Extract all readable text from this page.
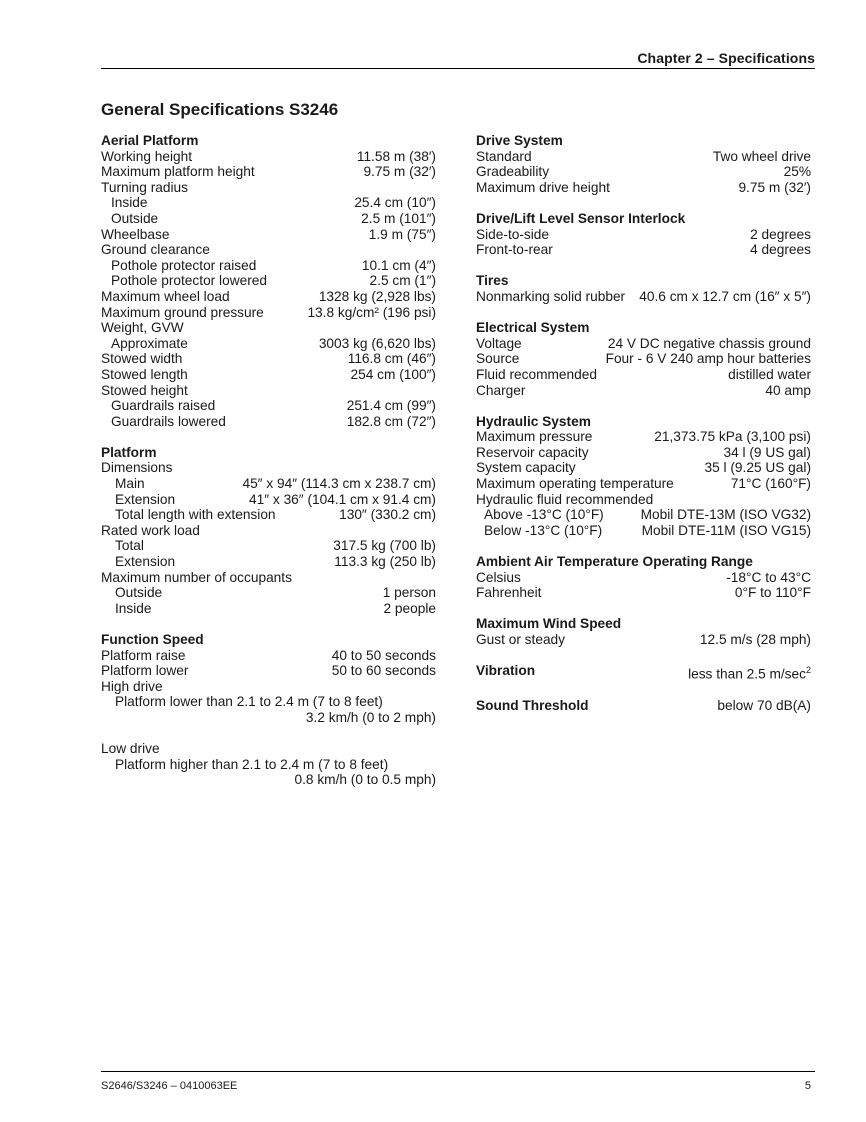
Chapter 2 – Specifications
General Specifications S3246
Aerial Platform
Working height	11.58 m (38′)
Maximum platform height	9.75 m (32′)
Turning radius
Inside	25.4 cm (10″)
Outside	2.5 m (101″)
Wheelbase	1.9 m (75″)
Ground clearance
Pothole protector raised	10.1 cm (4″)
Pothole protector lowered	2.5 cm (1″)
Maximum wheel load	1328 kg (2,928 lbs)
Maximum ground pressure	13.8 kg/cm² (196 psi)
Weight, GVW
Approximate	3003 kg (6,620 lbs)
Stowed width	116.8 cm (46″)
Stowed length	254 cm (100″)
Stowed height
Guardrails raised	251.4 cm (99″)
Guardrails lowered	182.8 cm (72″)
Platform
Dimensions
Main	45″ x 94″ (114.3 cm x 238.7 cm)
Extension	41″ x 36″ (104.1 cm x 91.4 cm)
Total length with extension	130″ (330.2 cm)
Rated work load
Total	317.5 kg (700 lb)
Extension	113.3 kg (250 lb)
Maximum number of occupants
Outside	1 person
Inside	2 people
Function Speed
Platform raise	40 to 50 seconds
Platform lower	50 to 60 seconds
High drive
Platform lower than 2.1 to 2.4 m (7 to 8 feet)
3.2 km/h (0 to 2 mph)
Low drive
Platform higher than 2.1 to 2.4 m (7 to 8 feet)
0.8 km/h (0 to 0.5 mph)
Drive System
Standard	Two wheel drive
Gradeability	25%
Maximum drive height	9.75 m (32′)
Drive/Lift Level Sensor Interlock
Side-to-side	2 degrees
Front-to-rear	4 degrees
Tires
Nonmarking solid rubber 40.6 cm x 12.7 cm (16″ x 5″)
Electrical System
Voltage	24 V DC negative chassis ground
Source	Four - 6 V 240 amp hour batteries
Fluid recommended	distilled water
Charger	40 amp
Hydraulic System
Maximum pressure	21,373.75 kPa (3,100 psi)
Reservoir capacity	34 l (9 US gal)
System capacity	35 l (9.25 US gal)
Maximum operating temperature	71°C (160°F)
Hydraulic fluid recommended
Above -13°C (10°F)	Mobil DTE-13M (ISO VG32)
Below -13°C (10°F)	Mobil DTE-11M (ISO VG15)
Ambient Air Temperature Operating Range
Celsius	-18°C to 43°C
Fahrenheit	0°F to 110°F
Maximum Wind Speed
Gust or steady	12.5 m/s (28 mph)
Vibration	less than 2.5 $m/\sec^2$
Sound Threshold	below 70 dB(A)
S2646/S3246 – 0410063EE	5
